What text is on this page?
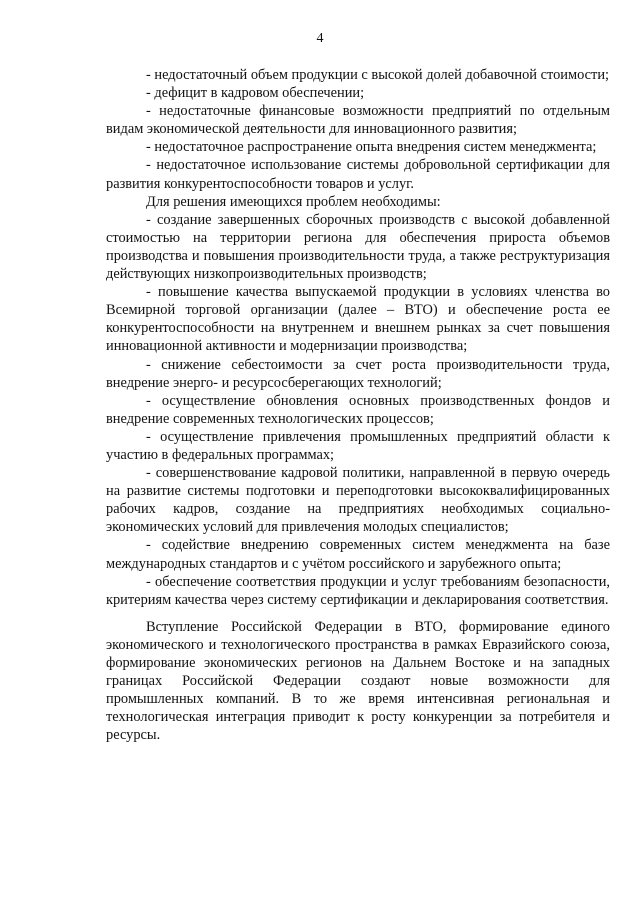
4

- недостаточный объем продукции с высокой долей добавочной стоимости;

- дефицит в кадровом обеспечении;

- недостаточные финансовые возможности предприятий по отдельным видам экономической деятельности для инновационного развития;

- недостаточное распространение опыта внедрения систем менеджмента;

- недостаточное использование системы добровольной сертификации для развития конкурентоспособности товаров и услуг.

Для решения имеющихся проблем необходимы:

- создание завершенных сборочных производств с высокой добавленной стоимостью на территории региона для обеспечения прироста объемов производства и повышения производительности труда, а также реструктуризация действующих низкопроизводительных производств;

- повышение качества выпускаемой продукции в условиях членства во Всемирной торговой организации (далее – ВТО) и обеспечение роста ее конкурентоспособности на внутреннем и внешнем рынках за счет повышения инновационной активности и модернизации производства;

- снижение себестоимости за счет роста производительности труда, внедрение энерго- и ресурсосберегающих технологий;

- осуществление обновления основных производственных фондов и внедрение современных технологических процессов;

- осуществление привлечения промышленных предприятий области к участию в федеральных программах;

- совершенствование кадровой политики, направленной в первую очередь на развитие системы подготовки и переподготовки высококвалифицированных рабочих кадров, создание на предприятиях необходимых социально-экономических условий для привлечения молодых специалистов;

- содействие внедрению современных систем менеджмента на базе международных стандартов и с учётом российского и зарубежного опыта;

- обеспечение соответствия продукции и услуг требованиям безопасности, критериям качества через систему сертификации и декларирования соответствия.

Вступление Российской Федерации в ВТО, формирование единого экономического и технологического пространства в рамках Евразийского союза, формирование экономических регионов на Дальнем Востоке и на западных границах Российской Федерации создают новые возможности для промышленных компаний. В то же время интенсивная региональная и технологическая интеграция приводит к росту конкуренции за потребителя и ресурсы.
